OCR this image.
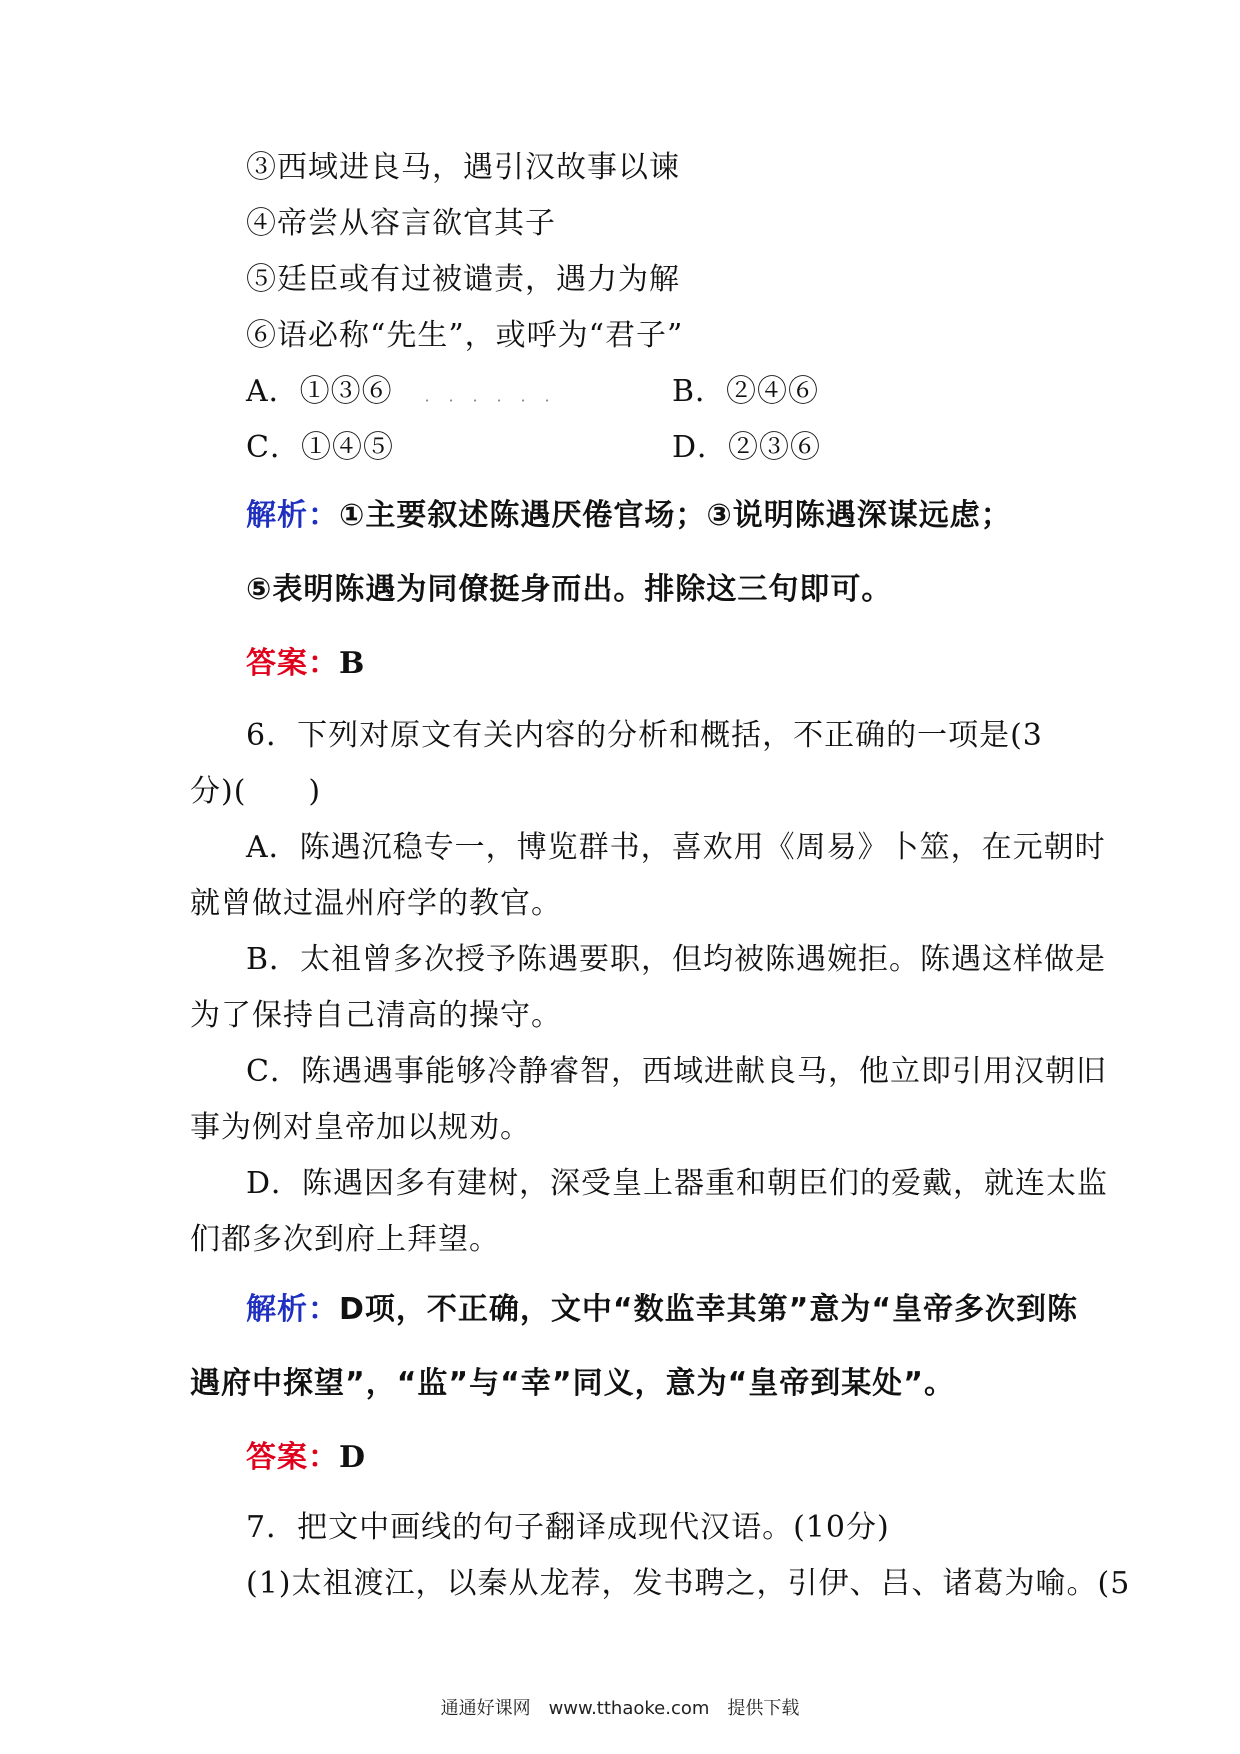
③西域进良马，遇引汉故事以谏
④帝尝从容言欲官其子
⑤廷臣或有过被谴责，遇力为解
⑥语必称“先生”，或呼为“君子”
A．①③⑥　．．．．．．	B．②④⑥
C．①④⑤	D．②③⑥
解析：①主要叙述陈遇厌倦官场；③说明陈遇深谋远虑；
⑤表明陈遇为同僚挺身而出。排除这三句即可。
答案：B
6．下列对原文有关内容的分析和概括，不正确的一项是(3
分)(　　)
A．陈遇沉稳专一，博览群书，喜欢用《周易》卜筮，在元朝时
就曾做过温州府学的教官。
B．太祖曾多次授予陈遇要职，但均被陈遇婉拒。陈遇这样做是
为了保持自己清高的操守。
C．陈遇遇事能够冷静睿智，西域进献良马，他立即引用汉朝旧
事为例对皇帝加以规劝。
D．陈遇因多有建树，深受皇上器重和朝臣们的爱戴，就连太监
们都多次到府上拜望。
解析：D项，不正确，文中“数监幸其第”意为“皇帝多次到陈
遇府中探望”，“监”与“幸”同义，意为“皇帝到某处”。
答案：D
7．把文中画线的句子翻译成现代汉语。(10分)
(1)太祖渡江，以秦从龙荐，发书聘之，引伊、吕、诸葛为喻。(5
通通好课网　www.tthaoke.com　提供下载
